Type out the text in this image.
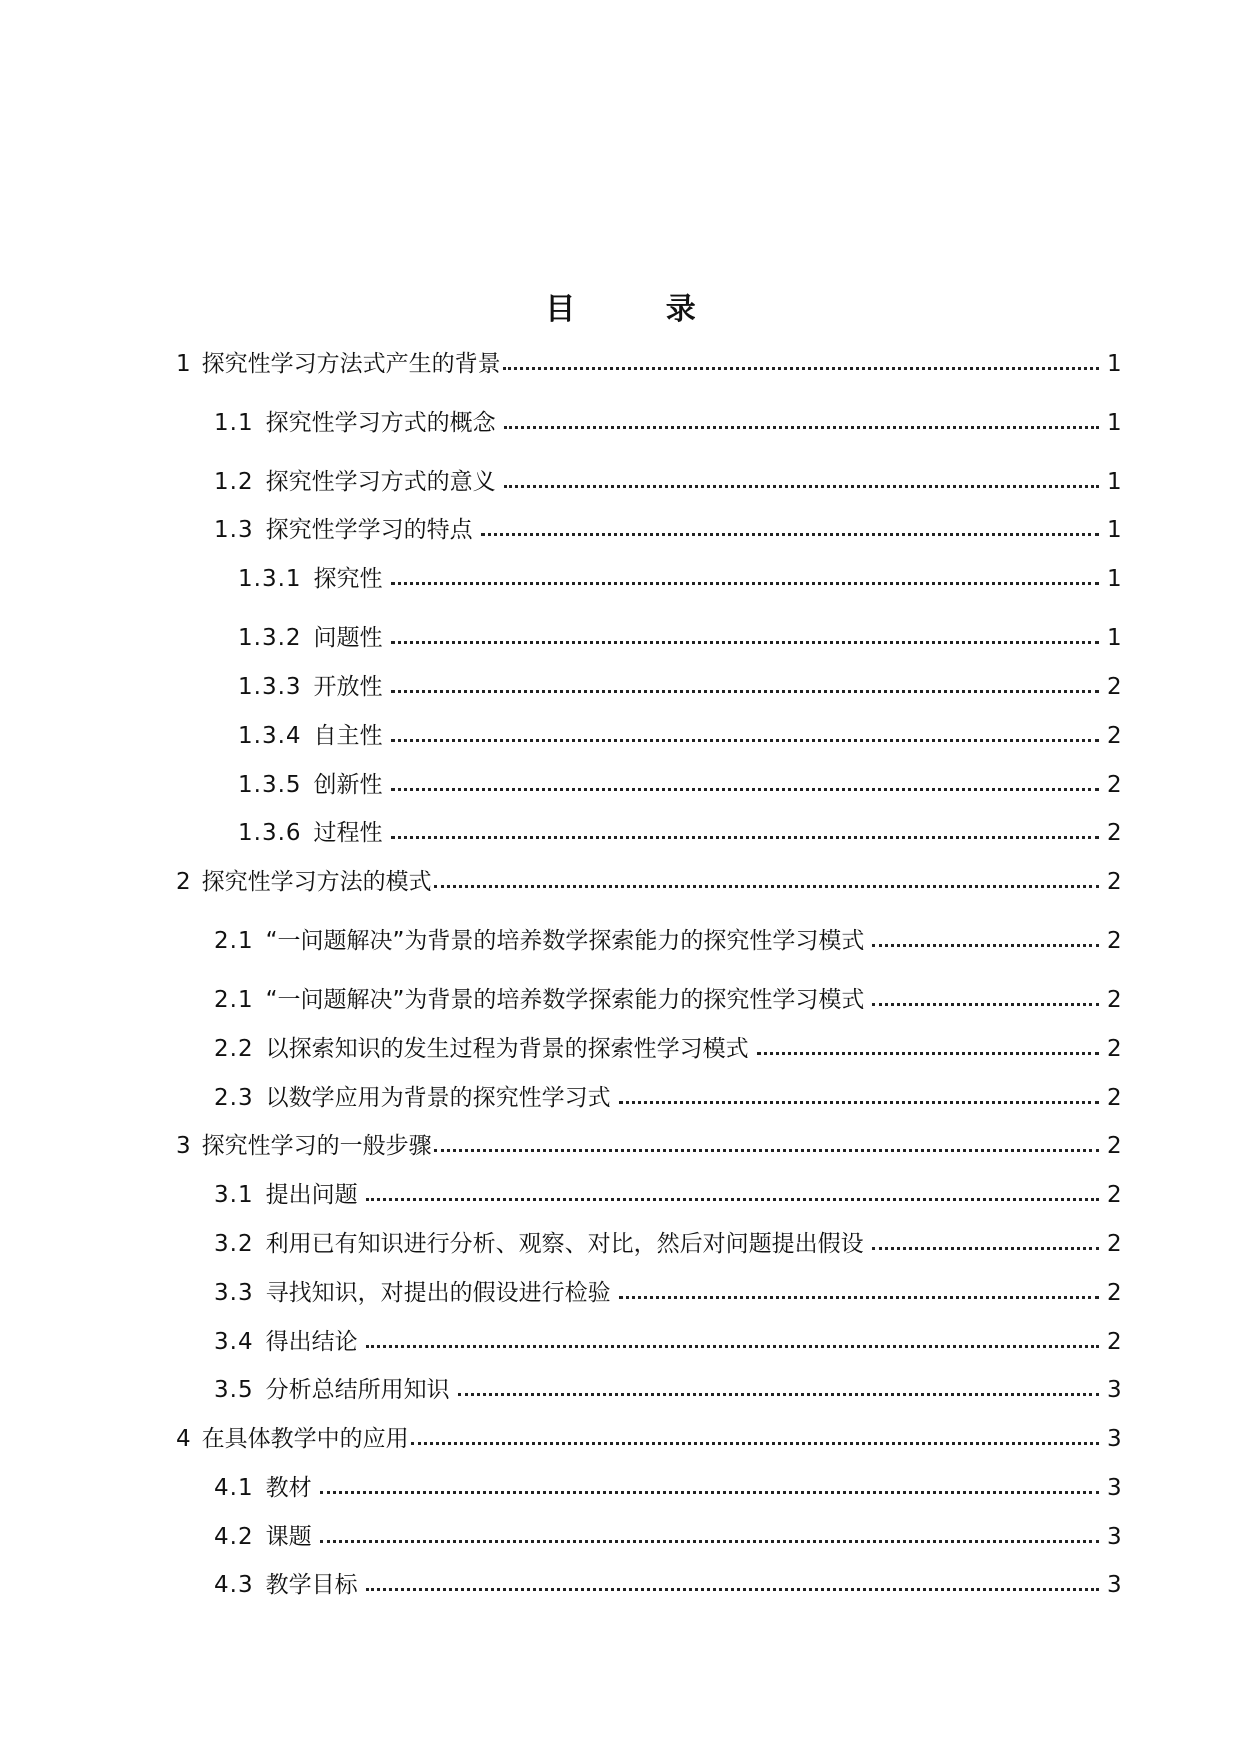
目 录
1 探究性学习方法式产生的背景	1
1.1 探究性学习方式的概念	1
1.2 探究性学习方式的意义	1
1.3 探究性学学习的特点	1
1.3.1 探究性	1
1.3.2 问题性	1
1.3.3 开放性	2
1.3.4 自主性	2
1.3.5 创新性	2
1.3.6 过程性	2
2 探究性学习方法的模式	2
2.1 “一问题解决”为背景的培养数学探索能力的探究性学习模式	2
2.1 “一问题解决”为背景的培养数学探索能力的探究性学习模式	2
2.2 以探索知识的发生过程为背景的探索性学习模式	2
2.3 以数学应用为背景的探究性学习式	2
3 探究性学习的一般步骤	2
3.1 提出问题	2
3.2 利用已有知识进行分析、观察、对比，然后对问题提出假设	2
3.3 寻找知识，对提出的假设进行检验	2
3.4 得出结论	2
3.5 分析总结所用知识	3
4 在具体教学中的应用	3
4.1 教材	3
4.2 课题	3
4.3 教学目标	3
